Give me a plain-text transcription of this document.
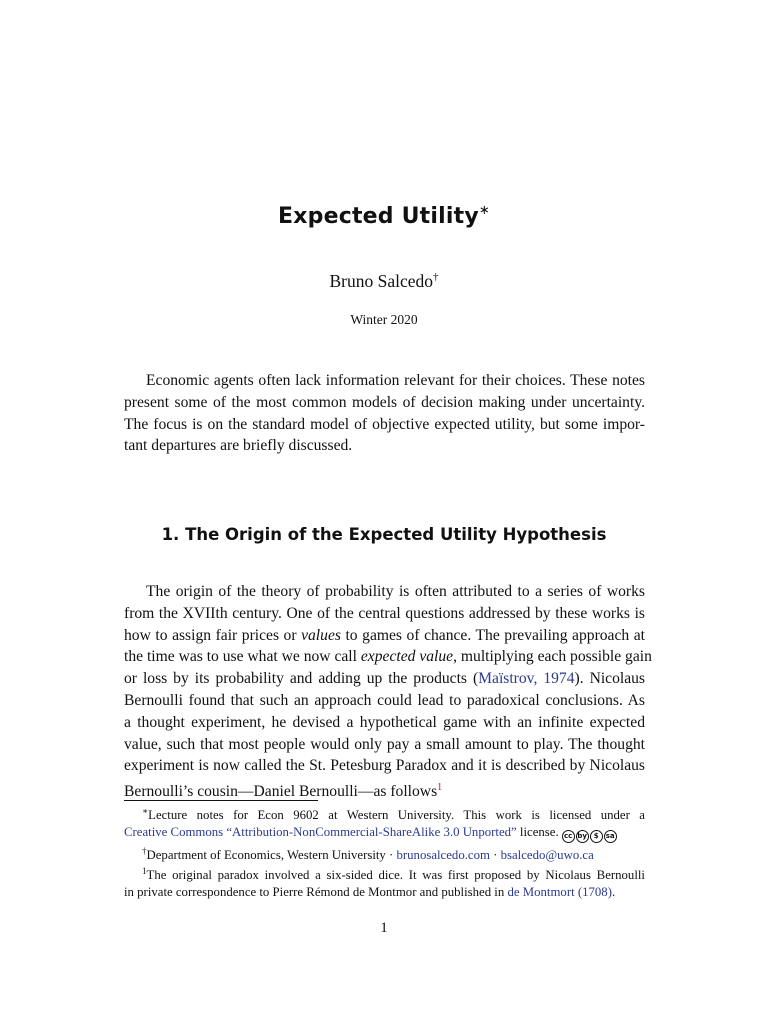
Expected Utility∗
Bruno Salcedo†
Winter 2020
Economic agents often lack information relevant for their choices. These notes
present some of the most common models of decision making under uncertainty.
The focus is on the standard model of objective expected utility, but some impor-
tant departures are briefly discussed.
1. The Origin of the Expected Utility Hypothesis
The origin of the theory of probability is often attributed to a series of works
from the XVIIth century. One of the central questions addressed by these works is
how to assign fair prices or values to games of chance. The prevailing approach at
the time was to use what we now call expected value, multiplying each possible gain
or loss by its probability and adding up the products (Maïstrov, 1974). Nicolaus
Bernoulli found that such an approach could lead to paradoxical conclusions. As
a thought experiment, he devised a hypothetical game with an infinite expected
value, such that most people would only pay a small amount to play. The thought
experiment is now called the St. Petesburg Paradox and it is described by Nicolaus
Bernoulli’s cousin—Daniel Bernoulli—as follows$^1$
∗Lecture notes for Econ 9602 at Western University. This work is licensed under a
Creative Commons “Attribution-NonCommercial-ShareAlike 3.0 Unported” license. cc by $	sa
†Department of Economics, Western University · brunosalcedo.com · bsalcedo@uwo.ca
$^1$The original paradox involved a six-sided dice. It was first proposed by Nicolaus Bernoulli
in private correspondence to Pierre Rémond de Montmor and published in de Montmort (1708).
1
